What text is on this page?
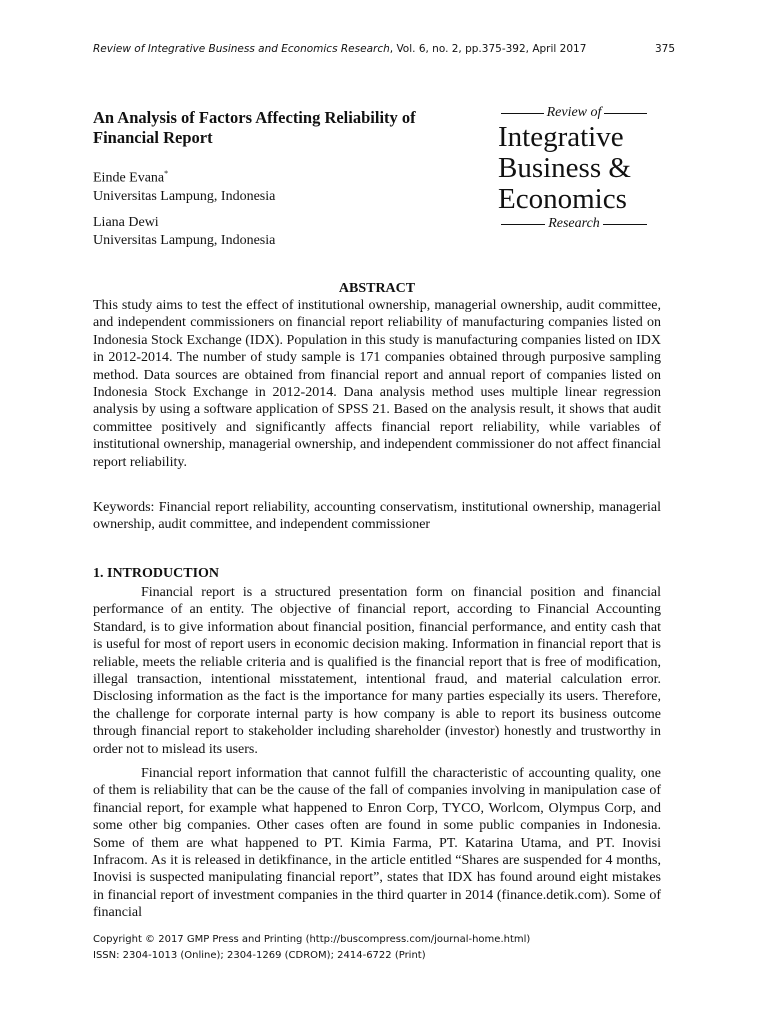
Review of Integrative Business and Economics Research, Vol. 6, no. 2, pp.375-392, April 2017	375
An Analysis of Factors Affecting Reliability of Financial Report
Einde Evana*
Universitas Lampung, Indonesia
Liana Dewi
Universitas Lampung, Indonesia
Review of
Integrative
Business &
Economics
Research
ABSTRACT

This study aims to test the effect of institutional ownership, managerial ownership, audit committee, and independent commissioners on financial report reliability of manufacturing companies listed on Indonesia Stock Exchange (IDX). Population in this study is manufacturing companies listed on IDX in 2012-2014. The number of study sample is 171 companies obtained through purposive sampling method. Data sources are obtained from financial report and annual report of companies listed on Indonesia Stock Exchange in 2012-2014. Dana analysis method uses multiple linear regression analysis by using a software application of SPSS 21. Based on the analysis result, it shows that audit committee positively and significantly affects financial report reliability, while variables of institutional ownership, managerial ownership, and independent commissioner do not affect financial report reliability.

Keywords: Financial report reliability, accounting conservatism, institutional ownership, managerial ownership, audit committee, and independent commissioner

1. INTRODUCTION

Financial report is a structured presentation form on financial position and financial performance of an entity. The objective of financial report, according to Financial Accounting Standard, is to give information about financial position, financial performance, and entity cash that is useful for most of report users in economic decision making. Information in financial report that is reliable, meets the reliable criteria and is qualified is the financial report that is free of modification, illegal transaction, intentional misstatement, intentional fraud, and material calculation error. Disclosing information as the fact is the importance for many parties especially its users. Therefore, the challenge for corporate internal party is how company is able to report its business outcome through financial report to stakeholder including shareholder (investor) honestly and trustworthy in order not to mislead its users.

Financial report information that cannot fulfill the characteristic of accounting quality, one of them is reliability that can be the cause of the fall of companies involving in manipulation case of financial report, for example what happened to Enron Corp, TYCO, Worlcom, Olympus Corp, and some other big companies. Other cases often are found in some public companies in Indonesia. Some of them are what happened to PT. Kimia Farma, PT. Katarina Utama, and PT. Inovisi Infracom. As it is released in detikfinance, in the article entitled “Shares are suspended for 4 months, Inovisi is suspected manipulating financial report”, states that IDX has found around eight mistakes in financial report of investment companies in the third quarter in 2014 (finance.detik.com). Some of financial

Copyright © 2017 GMP Press and Printing (http://buscompress.com/journal-home.html)
ISSN: 2304-1013 (Online); 2304-1269 (CDROM); 2414-6722 (Print)
